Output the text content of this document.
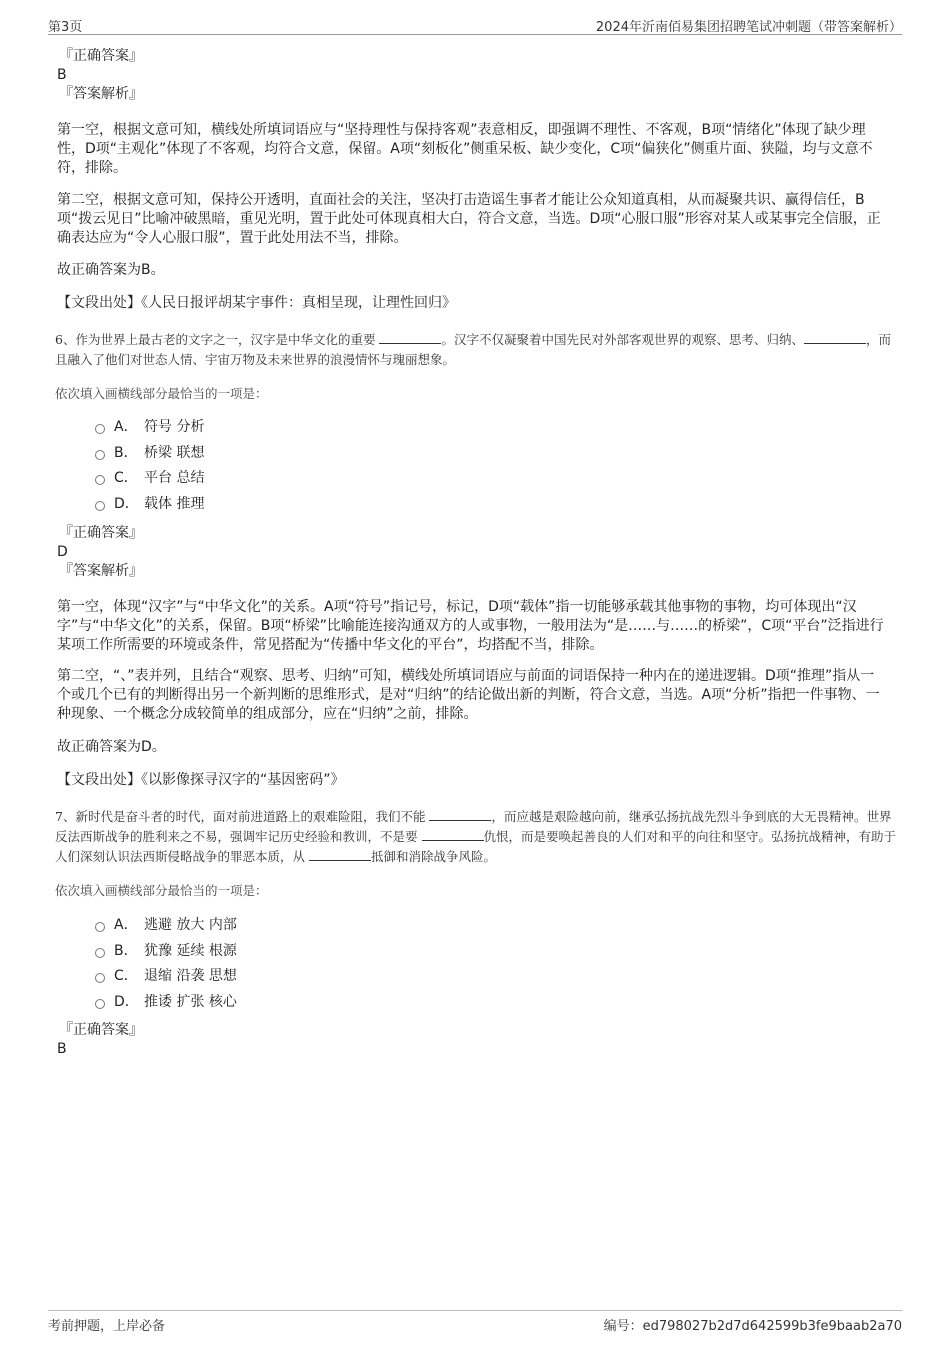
第3页	2024年沂南佰易集团招聘笔试冲刺题（带答案解析）

『正确答案』

B

『答案解析』

第一空，根据文意可知，横线处所填词语应与“坚持理性与保持客观”表意相反，即强调不理性、不客观，B项“情绪化”体现了缺少理性，D项“主观化”体现了不客观，均符合文意，保留。A项“刻板化”侧重呆板、缺少变化，C项“偏狭化”侧重片面、狭隘，均与文意不符，排除。

第二空，根据文意可知，保持公开透明，直面社会的关注，坚决打击造谣生事者才能让公众知道真相，从而凝聚共识、赢得信任，B项“拨云见日”比喻冲破黑暗，重见光明，置于此处可体现真相大白，符合文意，当选。D项“心服口服”形容对某人或某事完全信服，正确表达应为“令人心服口服”，置于此处用法不当，排除。

故正确答案为B。

【文段出处】《人民日报评胡某宇事件：真相呈现，让理性回归》

6、作为世界上最古老的文字之一，汉字是中华文化的重要	。汉字不仅凝聚着中国先民对外部客观世界的观察、思考、归纳、	，而且融入了他们对世态人情、宇宙万物及未来世界的浪漫情怀与瑰丽想象。

依次填入画横线部分最恰当的一项是：

A． 符号 分析
B． 桥梁 联想
C． 平台 总结
D． 载体 推理

『正确答案』

D

『答案解析』

第一空，体现“汉字”与“中华文化”的关系。A项“符号”指记号，标记，D项“载体”指一切能够承载其他事物的事物，均可体现出“汉字”与“中华文化”的关系，保留。B项“桥梁”比喻能连接沟通双方的人或事物，一般用法为“是……与……的桥梁”，C项“平台”泛指进行某项工作所需要的环境或条件，常见搭配为“传播中华文化的平台”，均搭配不当，排除。

第二空，“、”表并列，且结合“观察、思考、归纳”可知，横线处所填词语应与前面的词语保持一种内在的递进逻辑。D项“推理”指从一个或几个已有的判断得出另一个新判断的思维形式，是对“归纳”的结论做出新的判断，符合文意，当选。A项“分析”指把一件事物、一种现象、一个概念分成较简单的组成部分，应在“归纳”之前，排除。

故正确答案为D。

【文段出处】《以影像探寻汉字的“基因密码”》

7、新时代是奋斗者的时代，面对前进道路上的艰难险阻，我们不能	，而应越是艰险越向前，继承弘扬抗战先烈斗争到底的大无畏精神。世界反法西斯战争的胜利来之不易，强调牢记历史经验和教训，不是要	仇恨，而是要唤起善良的人们对和平的向往和坚守。弘扬抗战精神，有助于人们深刻认识法西斯侵略战争的罪恶本质，从	抵御和消除战争风险。

依次填入画横线部分最恰当的一项是：

A． 逃避 放大 内部
B． 犹豫 延续 根源
C． 退缩 沿袭 思想
D． 推诿 扩张 核心

『正确答案』

B

考前押题，上岸必备	编号：ed798027b2d7d642599b3fe9baab2a70
